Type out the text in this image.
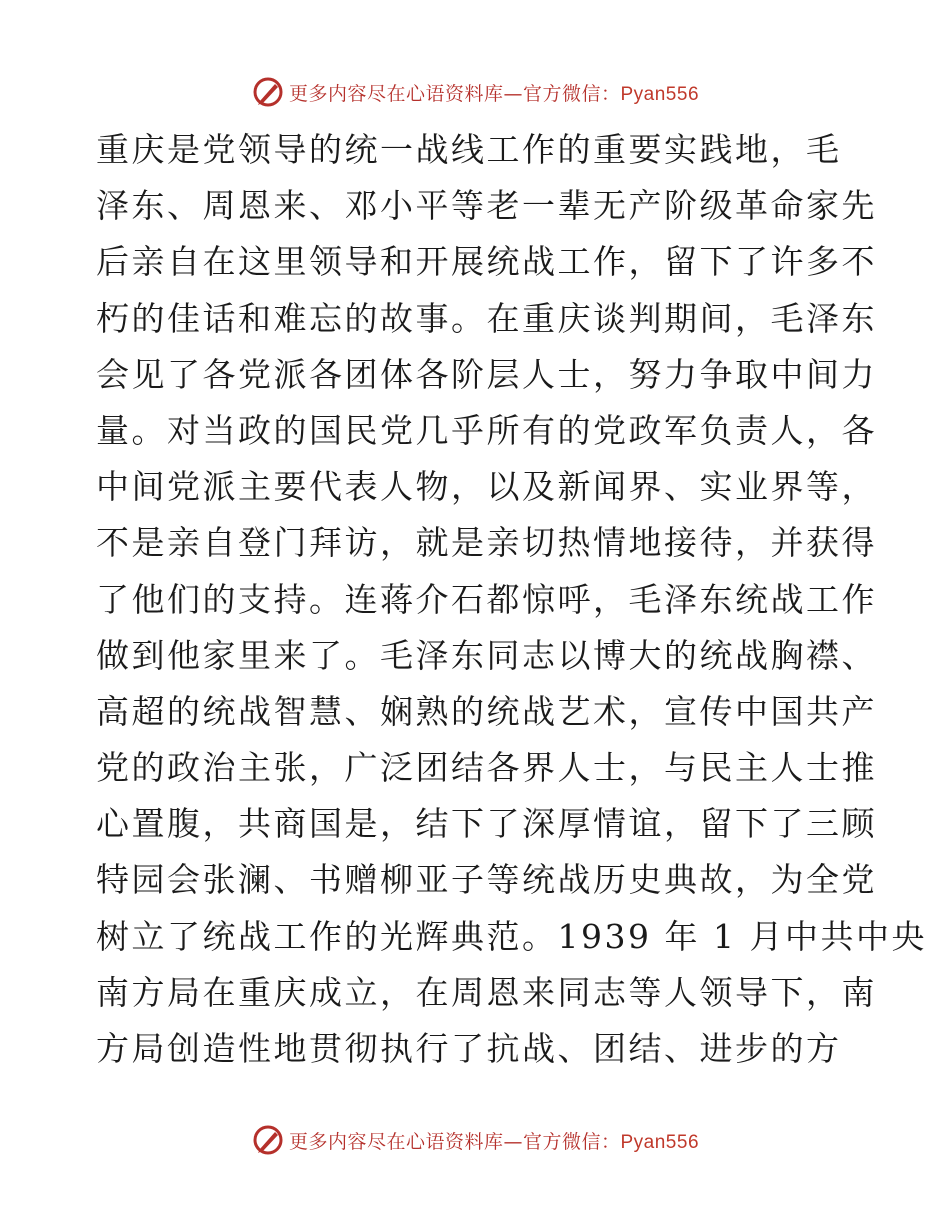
更多内容尽在心语资料库—官方微信：Pyan556
重庆是党领导的统一战线工作的重要实践地，毛
泽东、周恩来、邓小平等老一辈无产阶级革命家先
后亲自在这里领导和开展统战工作，留下了许多不
朽的佳话和难忘的故事。在重庆谈判期间，毛泽东
会见了各党派各团体各阶层人士，努力争取中间力
量。对当政的国民党几乎所有的党政军负责人，各
中间党派主要代表人物，以及新闻界、实业界等，
不是亲自登门拜访，就是亲切热情地接待，并获得
了他们的支持。连蒋介石都惊呼，毛泽东统战工作
做到他家里来了。毛泽东同志以博大的统战胸襟、
高超的统战智慧、娴熟的统战艺术，宣传中国共产
党的政治主张，广泛团结各界人士，与民主人士推
心置腹，共商国是，结下了深厚情谊，留下了三顾
特园会张澜、书赠柳亚子等统战历史典故，为全党
树立了统战工作的光辉典范。1939 年 1 月中共中央
南方局在重庆成立，在周恩来同志等人领导下，南
方局创造性地贯彻执行了抗战、团结、进步的方
更多内容尽在心语资料库—官方微信：Pyan556
